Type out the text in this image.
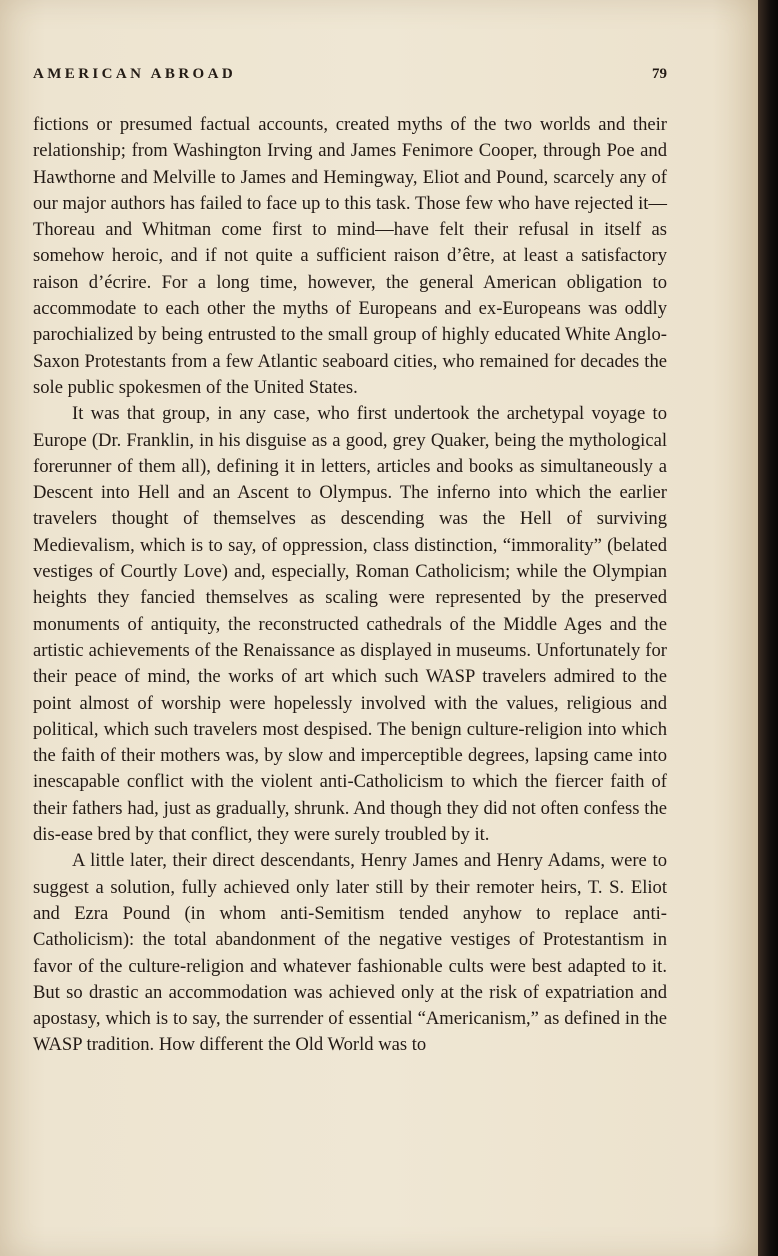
AMERICAN ABROAD	79

fictions or presumed factual accounts, created myths of the two worlds and their relationship; from Washington Irving and James Fenimore Cooper, through Poe and Hawthorne and Melville to James and Hemingway, Eliot and Pound, scarcely any of our major authors has failed to face up to this task. Those few who have rejected it—Thoreau and Whitman come first to mind—have felt their refusal in itself as somehow heroic, and if not quite a sufficient raison d’être, at least a satisfactory raison d’écrire. For a long time, however, the general American obligation to accommodate to each other the myths of Europeans and ex-Europeans was oddly parochialized by being entrusted to the small group of highly educated White Anglo-Saxon Protestants from a few Atlantic seaboard cities, who remained for decades the sole public spokesmen of the United States.

It was that group, in any case, who first undertook the archetypal voyage to Europe (Dr. Franklin, in his disguise as a good, grey Quaker, being the mythological forerunner of them all), defining it in letters, articles and books as simultaneously a Descent into Hell and an Ascent to Olympus. The inferno into which the earlier travelers thought of themselves as descending was the Hell of surviving Medievalism, which is to say, of oppression, class distinction, “immorality” (belated vestiges of Courtly Love) and, especially, Roman Catholicism; while the Olympian heights they fancied themselves as scaling were represented by the preserved monuments of antiquity, the reconstructed cathedrals of the Middle Ages and the artistic achievements of the Renaissance as displayed in museums. Unfortunately for their peace of mind, the works of art which such WASP travelers admired to the point almost of worship were hopelessly involved with the values, religious and political, which such travelers most despised. The benign culture-religion into which the faith of their mothers was, by slow and imperceptible degrees, lapsing came into inescapable conflict with the violent anti-Catholicism to which the fiercer faith of their fathers had, just as gradually, shrunk. And though they did not often confess the dis-ease bred by that conflict, they were surely troubled by it.

A little later, their direct descendants, Henry James and Henry Adams, were to suggest a solution, fully achieved only later still by their remoter heirs, T. S. Eliot and Ezra Pound (in whom anti-Semitism tended anyhow to replace anti-Catholicism): the total abandonment of the negative vestiges of Protestantism in favor of the culture-religion and whatever fashionable cults were best adapted to it. But so drastic an accommodation was achieved only at the risk of expatriation and apostasy, which is to say, the surrender of essential “Americanism,” as defined in the WASP tradition. How different the Old World was to
